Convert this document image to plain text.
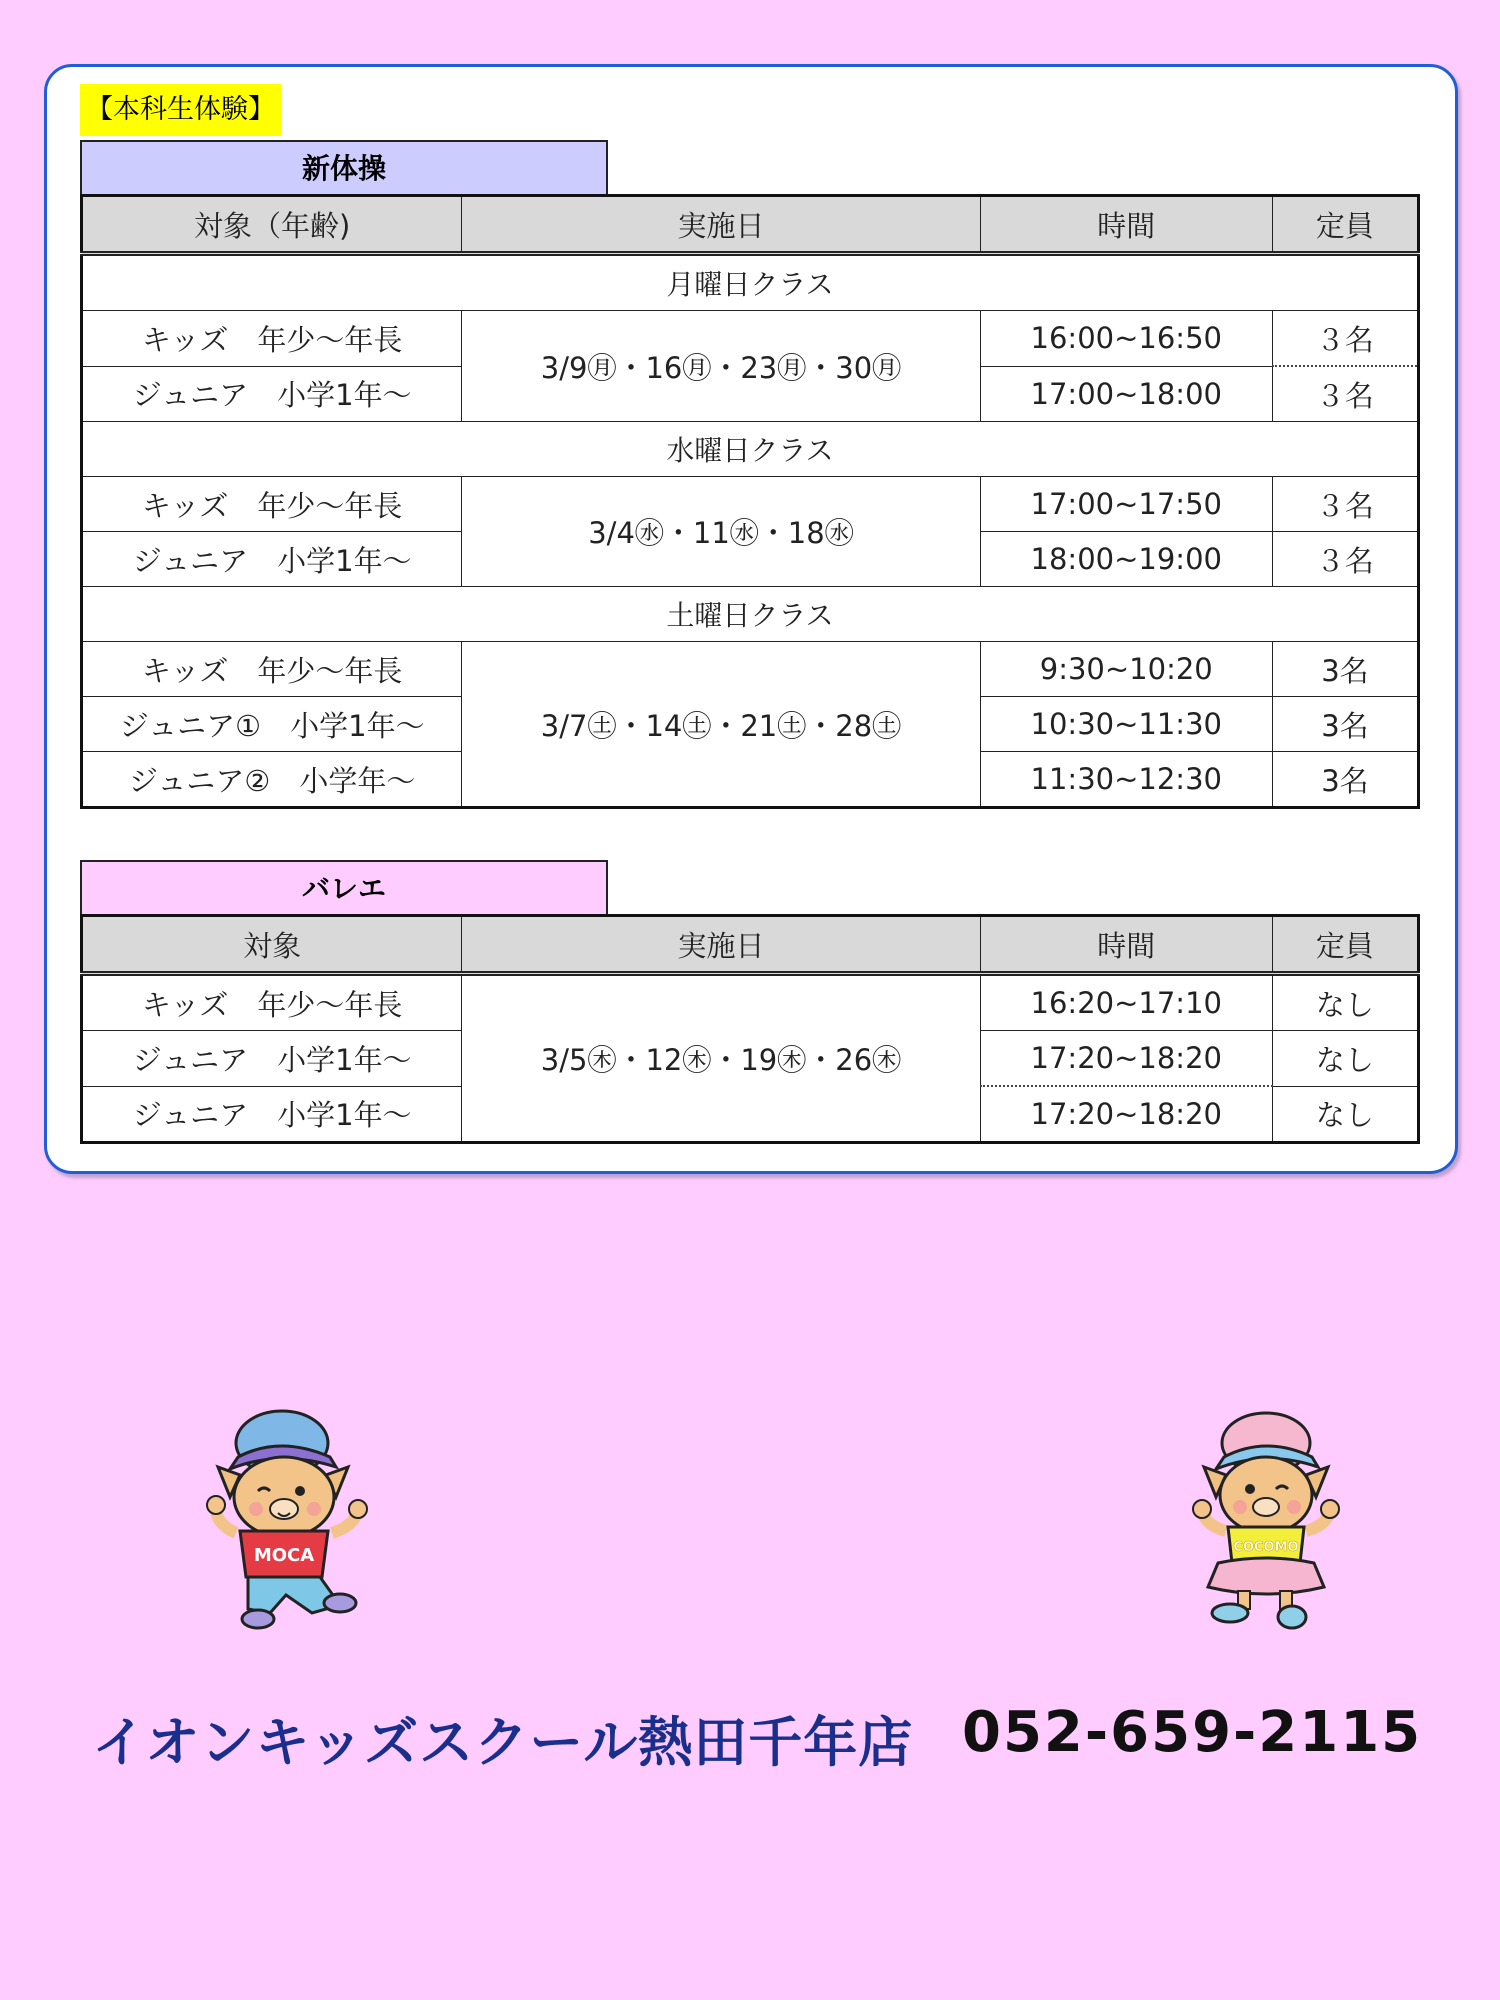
【本科生体験】
新体操
対象（年齢)	実施日	時間	定員
月曜日クラス			
キッズ　年少～年長	3/9㊊・16㊊・23㊊・30㊊	16:00~16:50	３名
ジュニア　小学1年～		17:00~18:00	３名
水曜日クラス			
キッズ　年少～年長	3/4㊌・11㊌・18㊌	17:00~17:50	３名
ジュニア　小学1年～		18:00~19:00	３名
土曜日クラス			
キッズ　年少～年長	3/7㊏・14㊏・21㊏・28㊏	9:30~10:20	3名
ジュニア①　小学1年～		10:30~11:30	3名
ジュニア②　小学年～		11:30~12:30	3名
バレエ
対象	実施日	時間	定員
キッズ　年少～年長	3/5㊍・12㊍・19㊍・26㊍	16:20~17:10	なし
ジュニア　小学1年～		17:20~18:20	なし
ジュニア　小学1年～		17:20~18:20	なし
MOCA	COCOMO
イオンキッズスクール熱田千年店 052-659-2115
